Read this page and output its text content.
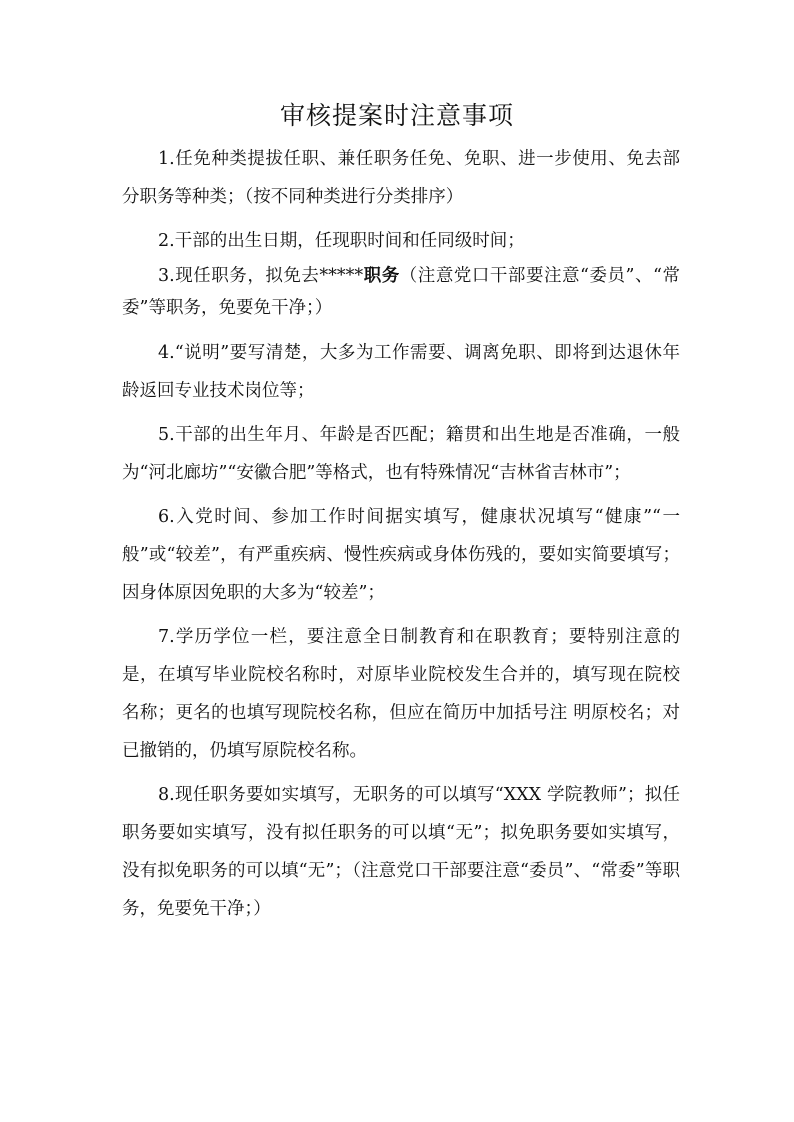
审核提案时注意事项

1.任免种类提拔任职、兼任职务任免、免职、进一步使用、免去部分职务等种类；（按不同种类进行分类排序）

2.干部的出生日期，任现职时间和任同级时间；

3.现任职务，拟免去*****职务（注意党口干部要注意“委员”、“常委”等职务，免要免干净；）

4.“说明”要写清楚，大多为工作需要、调离免职、即将到达退休年龄返回专业技术岗位等；

5.干部的出生年月、年龄是否匹配；籍贯和出生地是否准确，一般为“河北廊坊”“安徽合肥”等格式，也有特殊情况“吉林省吉林市”；

6.入党时间、参加工作时间据实填写，健康状况填写“健康”“一般”或“较差”，有严重疾病、慢性疾病或身体伤残的，要如实简要填写；因身体原因免职的大多为“较差”；

7.学历学位一栏，要注意全日制教育和在职教育；要特别注意的是，在填写毕业院校名称时，对原毕业院校发生合并的，填写现在院校名称；更名的也填写现院校名称，但应在简历中加括号注 明原校名；对已撤销的，仍填写原院校名称。

8.现任职务要如实填写，无职务的可以填写“XXX 学院教师”；拟任职务要如实填写，没有拟任职务的可以填“无”；拟免职务要如实填写，没有拟免职务的可以填“无”；（注意党口干部要注意“委员”、“常委”等职务，免要免干净；）
